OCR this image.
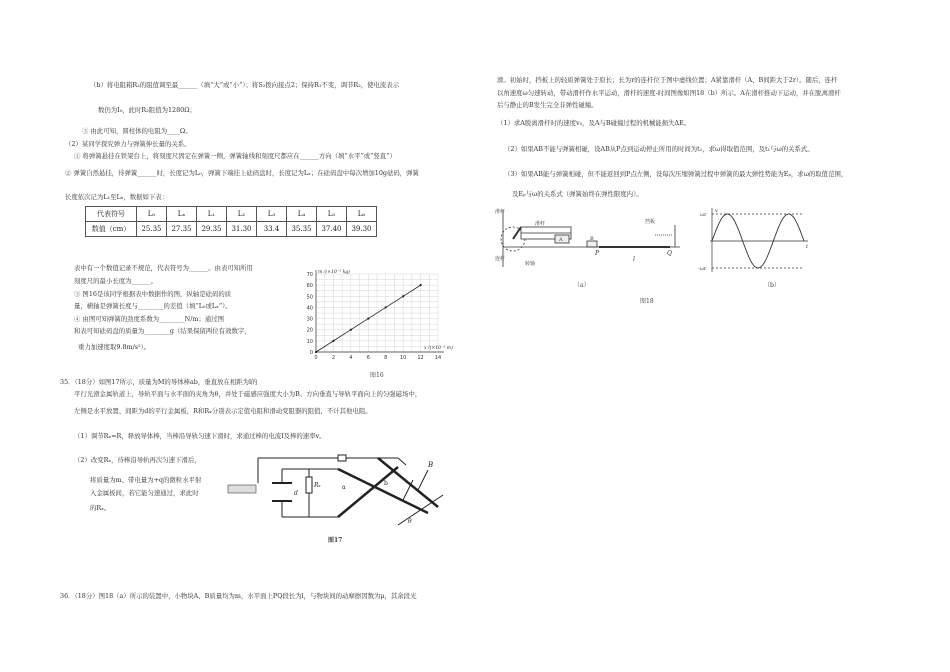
（b）将电阻箱R₂的阻值调至最______（填“大”或“小”）；将S₂拨向接点2；保持R₁不变，调节R₂，使电流表示
数仍为I₀，此时R₂阻值为1280Ω；
③ 由此可知，圆柱体的电阻为____Ω。
（2）某同学探究弹力与弹簧伸长量的关系。
① 将弹簧悬挂在铁架台上，将刻度尺固定在弹簧一侧，弹簧轴线和刻度尺都应在______方向（填“水平”或“竖直”）
② 弹簧自然悬挂，待弹簧______时，长度记为L₀，弹簧下端挂上砝码盘时，长度记为Lₓ；在砝码盘中每次增加10g砝码，弹簧
长度依次记为L₁至L₆，数据如下表：
代表符号	L₀	Lₓ	L₁	L₂	L₃	L₄	L₅	L₆
数值（cm）	25.35	27.35	29.35	31.30	33.4	35.35	37.40	39.30
表中有一个数值记录不规范，代表符号为______。由表可知所用
刻度尺的最小长度为______。
③ 图16是该同学根据表中数据作的图，纵轴是砝码的质
量，横轴是弹簧长度与________的差值（填“L₀或Lₓ”）。
④ 由图可知弹簧的劲度系数为________N/m；通过图
和表可知砝码盘的质量为________g（结果保留两位有效数字，
重力加速度取9.8m/s²）。
0
10
20
30
40
50
60
70
0	2	4	6	8	10 12 14
m /(×10⁻³ kg)
x /(×10⁻² m)
图16
35．（18分）如图17所示，质量为M的导体棒ab，垂直放在相距为l的
平行光滑金属轨道上，导轨平面与水平面的夹角为θ，并处于磁感应强度大小为B、方向垂直与导轨平面向上的匀强磁场中，
左侧是水平放置、间距为d的平行金属板，R和Rₓ分别表示定值电阻和滑动变阻器的阻值，不计其他电阻。
（1）调节Rₓ=R，释放导体棒，当棒沿导轨匀速下滑时，求通过棒的电流I及棒的速率v。
（2）改变Rₓ，待棒沿导轨再次匀速下滑后，
将质量为m、带电量为+q的微粒水平射
入金属板间，若它能匀速通过，求此时
的Rₓ。
a
b
B
θ
d
Rₓ
图17
36．（18分）图18（a）所示的装置中，小物块A、B质量均为m，水平面上PQ段长为l，与物块间的动摩擦因数为μ，其余段光
滑。初始时，挡板上的轻质弹簧处于原长；长为r的连杆位于图中虚线位置；A紧靠滑杆（A、B间距大于2r）。随后，连杆
以角速度ω匀速转动，带动滑杆作水平运动，滑杆的速度-时间图像如图18（b）所示。A在滑杆推动下运动，并在脱离滑杆
后与静止的B发生完全非弹性碰撞。
（1）求A脱离滑杆时的速度v₀，及A与B碰撞过程的机械能损失ΔE。
（2）如果AB不能与弹簧相碰，设AB从P点到运动停止所用的时间为t₁，求ω得取值范围，及t₁与ω的关系式。
（3）如果AB能与弹簧相碰，但不能返回到P点左侧，设每次压缩弹簧过程中弹簧的最大弹性势能为Eₚ，求ω的取值范围，
及Eₚ与ω的关系式（弹簧始终在弹性限度内）。
滑杆
滑杆
连杆
转轴
A	B
P	Q
l
挡板
（a）
ωr
-ωr
v
t
（b）
图18
